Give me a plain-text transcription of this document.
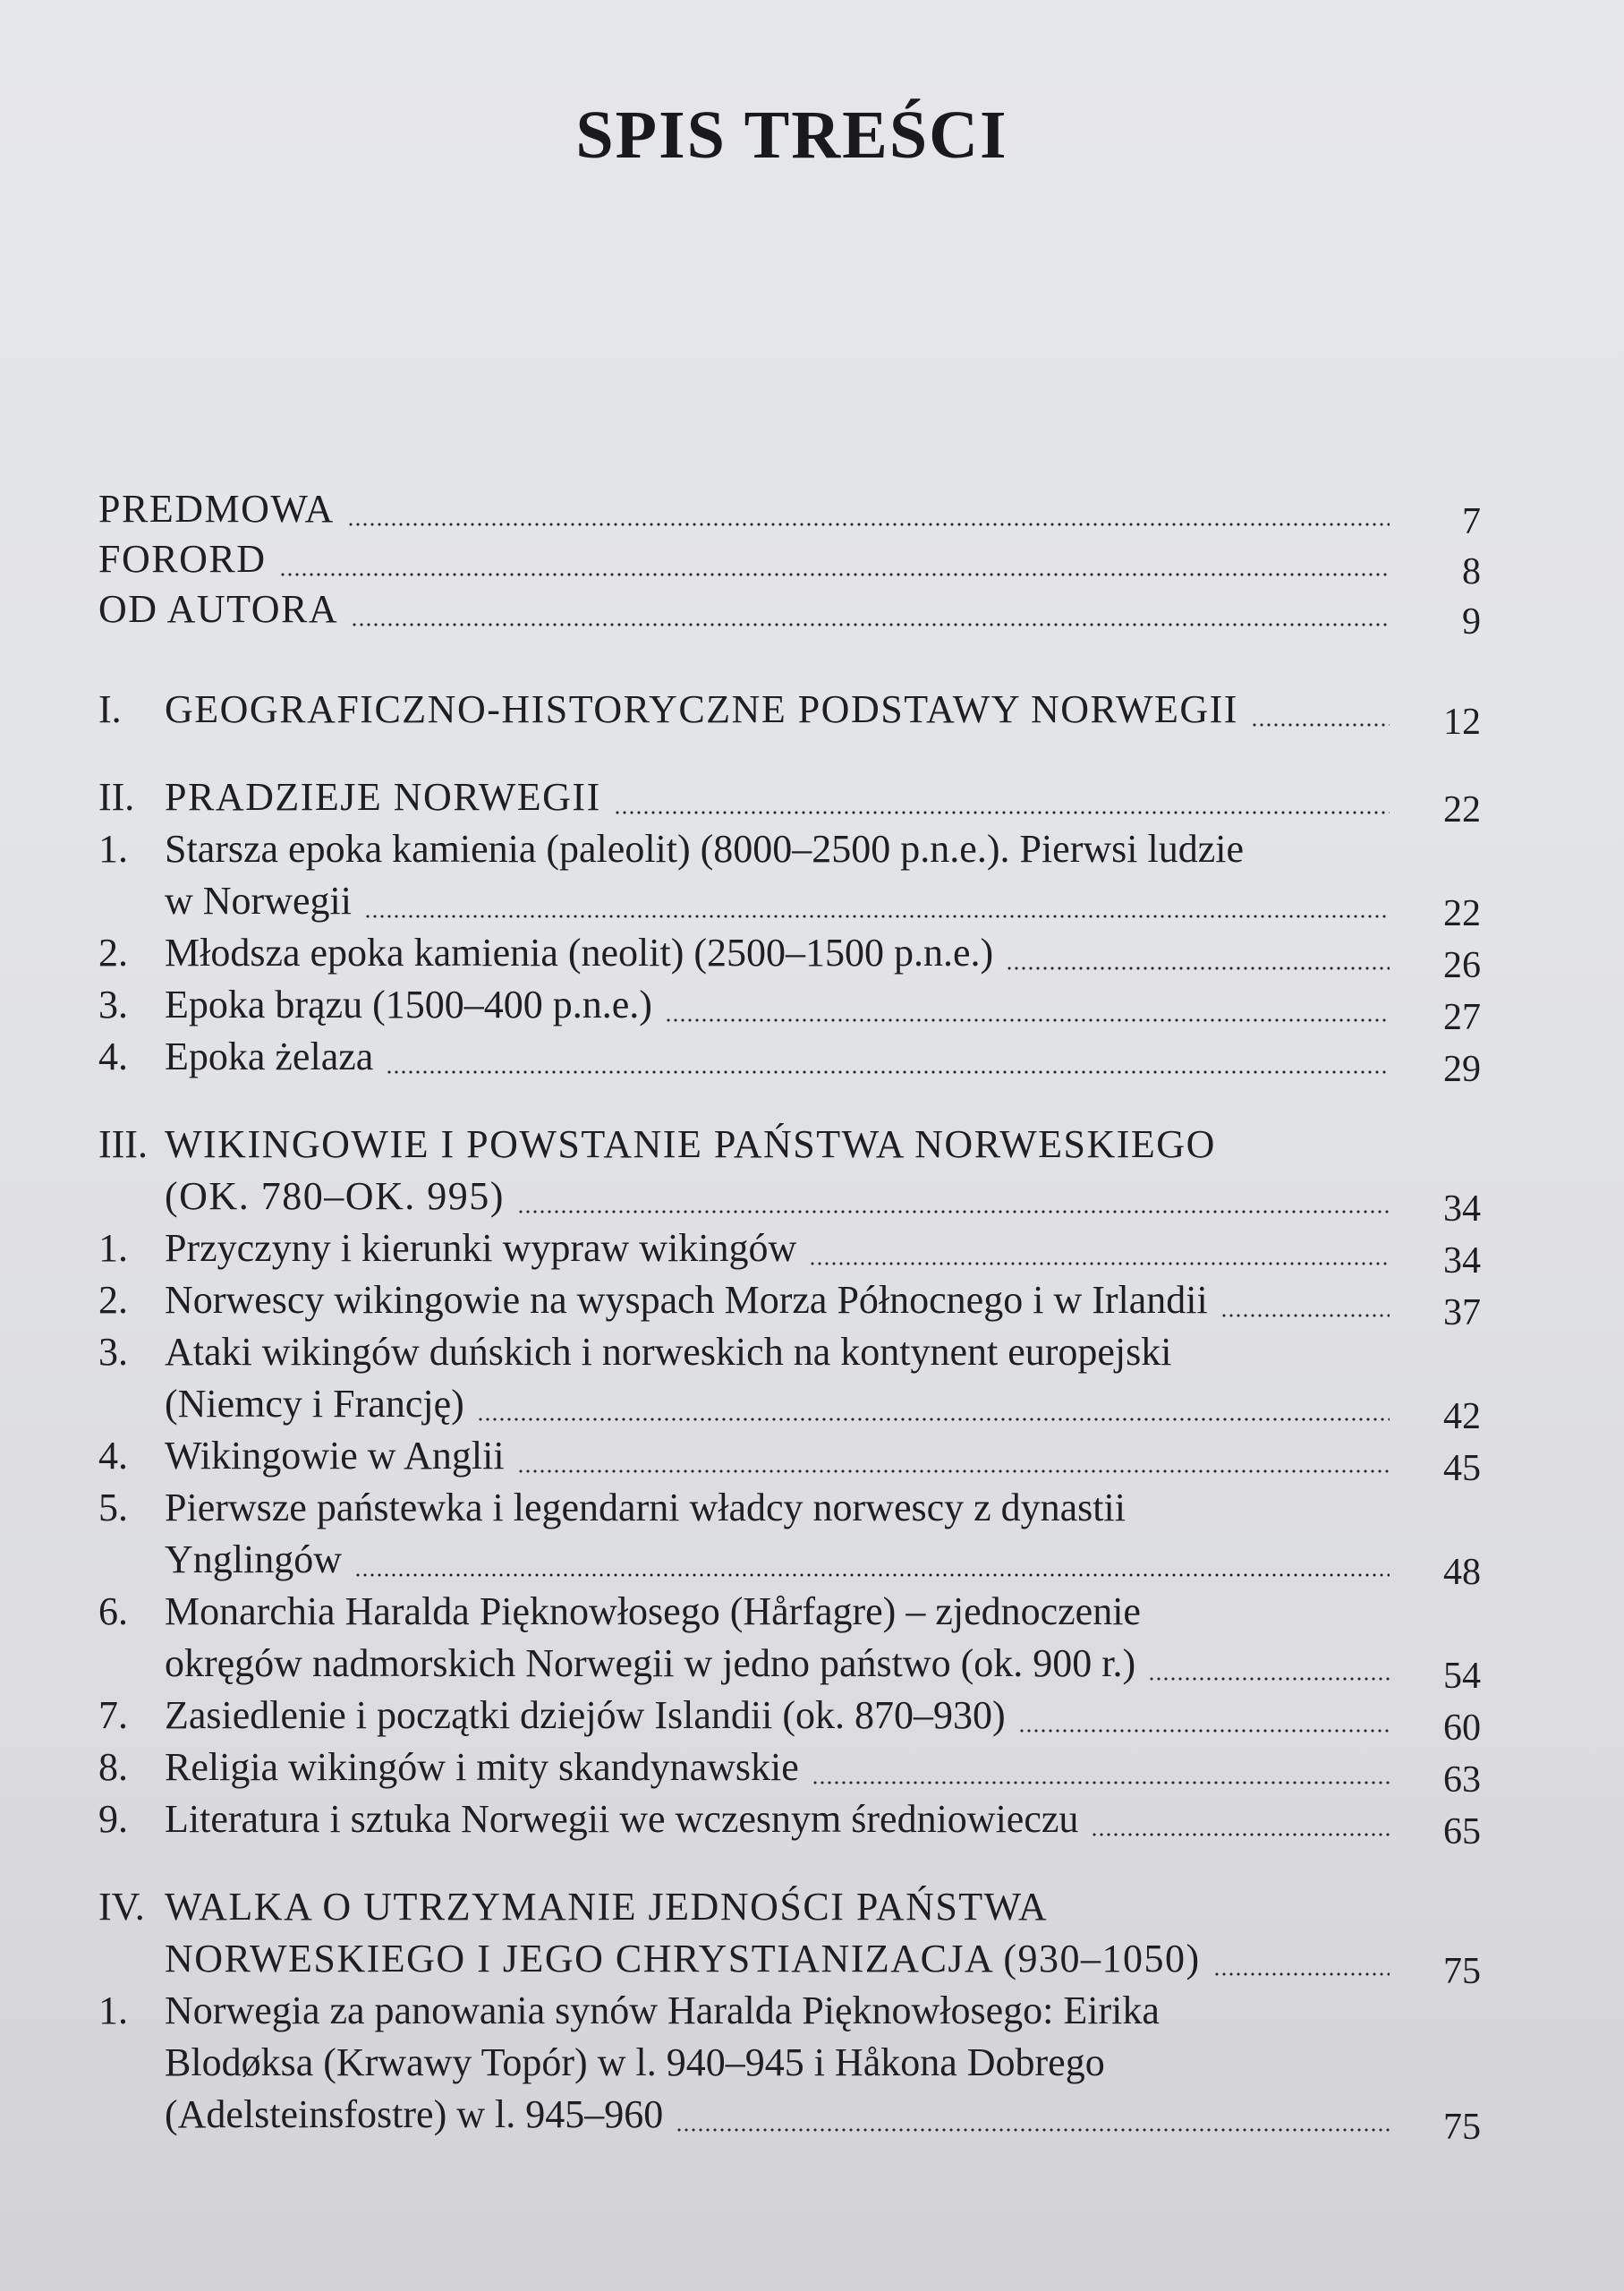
SPIS TREŚCI
PREDMOWA	7
FORORD	8
OD AUTORA	9
I.	GEOGRAFICZNO-HISTORYCZNE PODSTAWY NORWEGII	12
II. PRADZIEJE NORWEGII	22
1. Starsza epoka kamienia (paleolit) (8000–2500 p.n.e.). Pierwsi ludzie
w Norwegii	22
2. Młodsza epoka kamienia (neolit) (2500–1500 p.n.e.)	26
3. Epoka brązu (1500–400 p.n.e.)	27
4. Epoka żelaza	29
III. WIKINGOWIE I POWSTANIE PAŃSTWA NORWESKIEGO
(OK. 780–OK. 995)	34
1. Przyczyny i kierunki wypraw wikingów	34
2. Norwescy wikingowie na wyspach Morza Północnego i w Irlandii	37
3. Ataki wikingów duńskich i norweskich na kontynent europejski
(Niemcy i Francję)	42
4. Wikingowie w Anglii	45
5. Pierwsze państewka i legendarni władcy norwescy z dynastii
Ynglingów	48
6. Monarchia Haralda Pięknowłosego (Hårfagre) – zjednoczenie
okręgów nadmorskich Norwegii w jedno państwo (ok. 900 r.)	54
7. Zasiedlenie i początki dziejów Islandii (ok. 870–930)	60
8. Religia wikingów i mity skandynawskie	63
9. Literatura i sztuka Norwegii we wczesnym średniowieczu	65
IV. WALKA O UTRZYMANIE JEDNOŚCI PAŃSTWA
NORWESKIEGO I JEGO CHRYSTIANIZACJA (930–1050)	75
1. Norwegia za panowania synów Haralda Pięknowłosego: Eirika
Blodøksa (Krwawy Topór) w l. 940–945 i Håkona Dobrego
(Adelsteinsfostre) w l. 945–960	75
